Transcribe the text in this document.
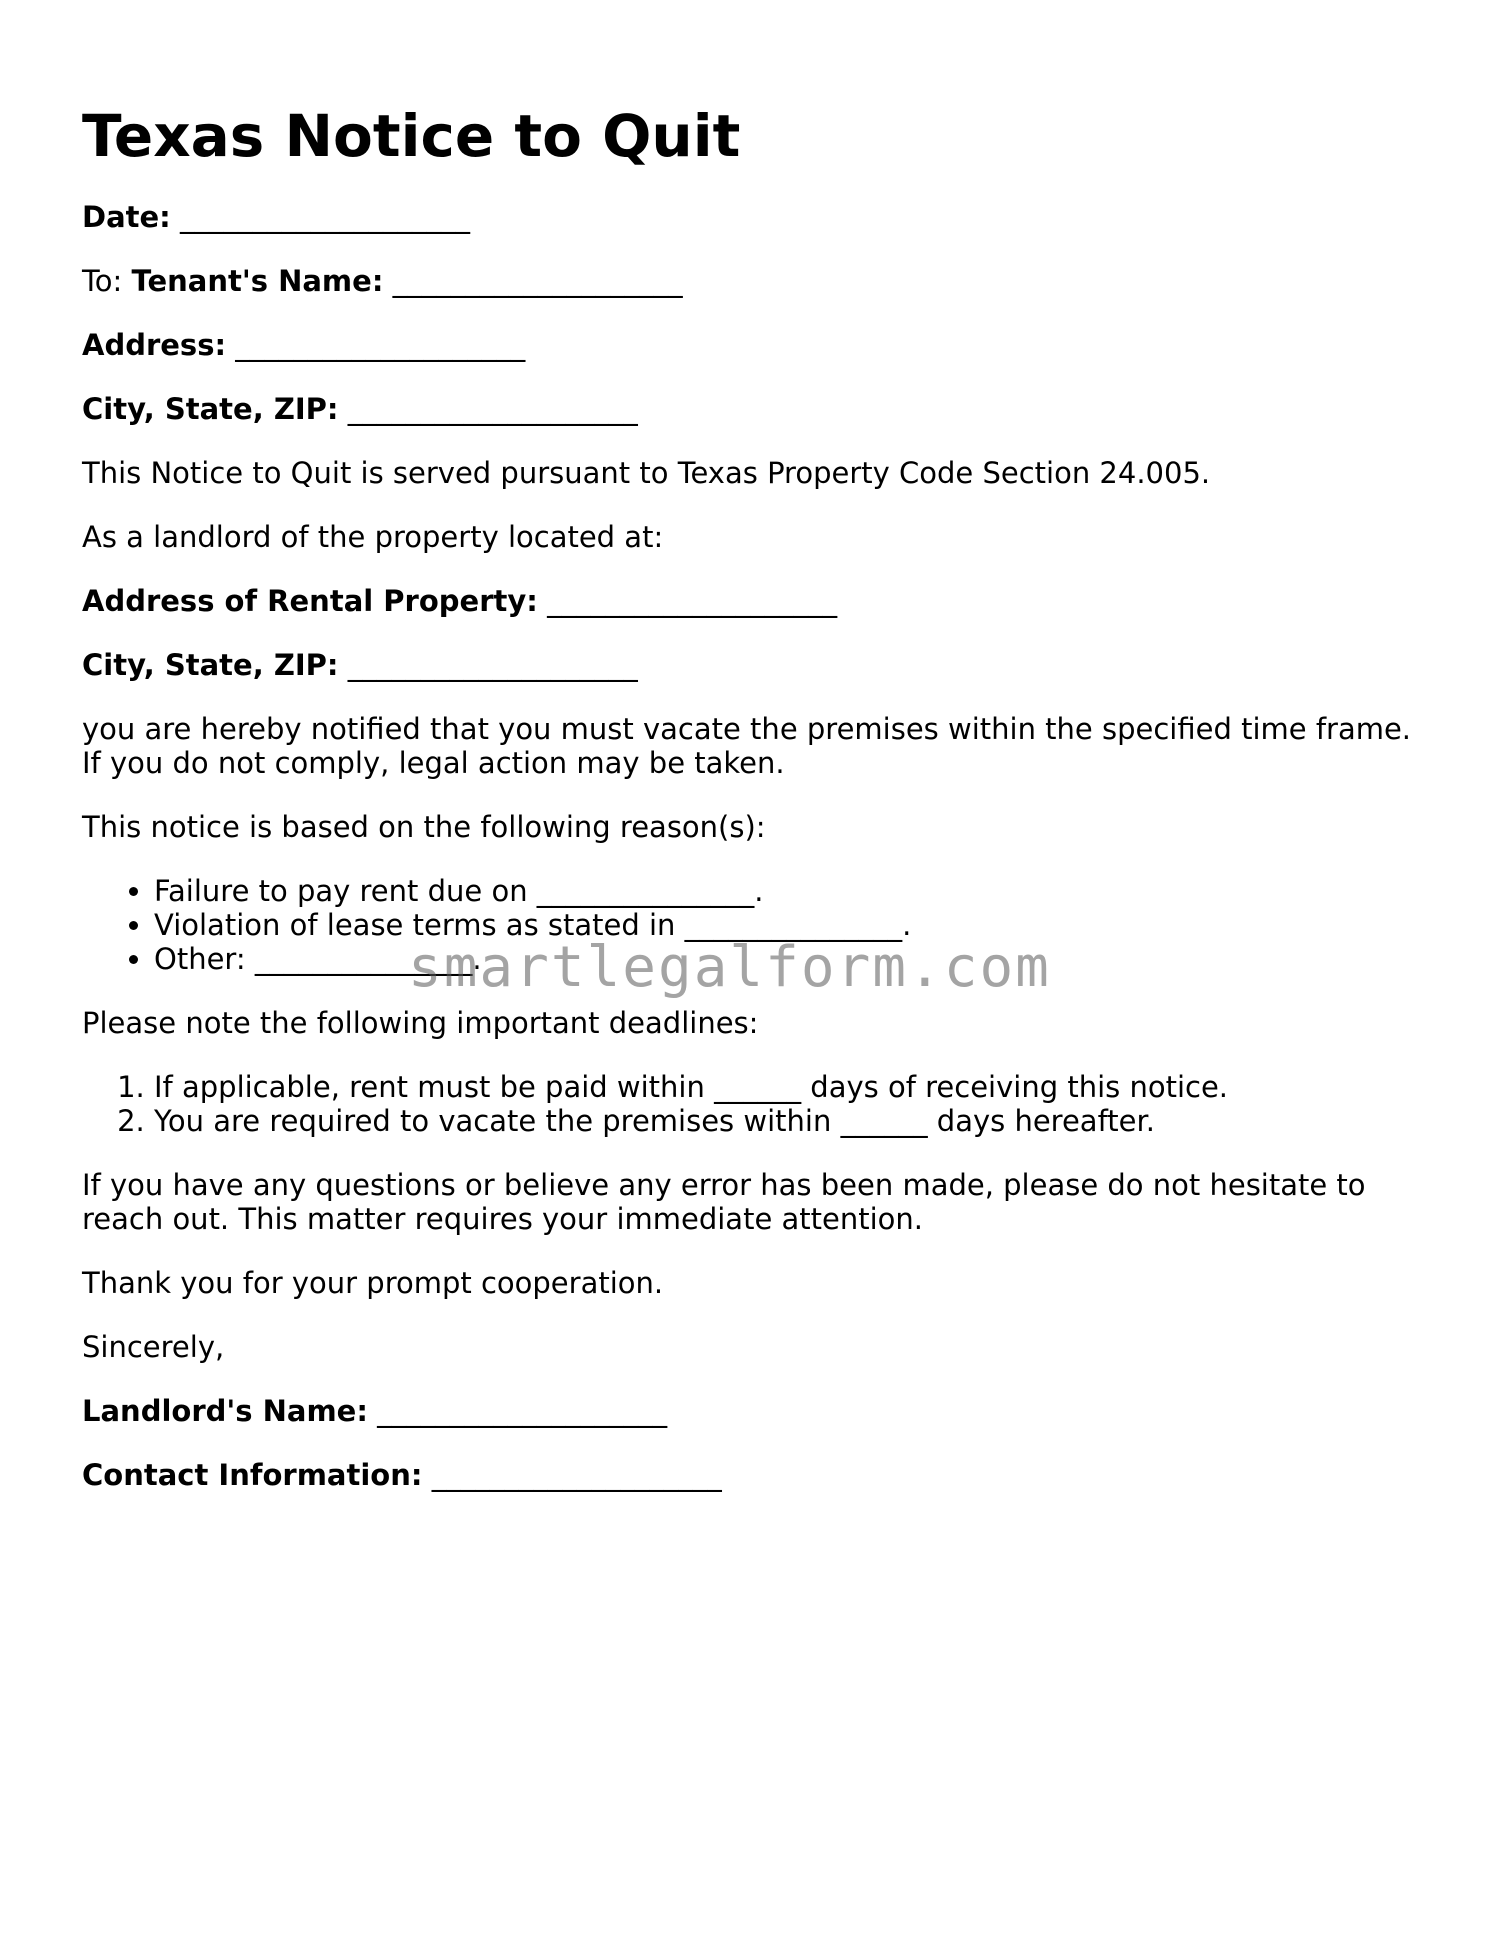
Texas Notice to Quit

Date: ____________________

To: Tenant's Name: ____________________

Address: ____________________

City, State, ZIP: ____________________

This Notice to Quit is served pursuant to Texas Property Code Section 24.005.

As a landlord of the property located at:

Address of Rental Property: ____________________

City, State, ZIP: ____________________

you are hereby notified that you must vacate the premises within the specified time frame. If you do not comply, legal action may be taken.

This notice is based on the following reason(s):

• Failure to pay rent due on _______________.
• Violation of lease terms as stated in _______________.
• Other: _______________.

Please note the following important deadlines:

1. If applicable, rent must be paid within ______ days of receiving this notice.
2. You are required to vacate the premises within ______ days hereafter.

If you have any questions or believe any error has been made, please do not hesitate to reach out. This matter requires your immediate attention.

Thank you for your prompt cooperation.

Sincerely,

Landlord's Name: ____________________

Contact Information: ____________________

smartlegalform.com
